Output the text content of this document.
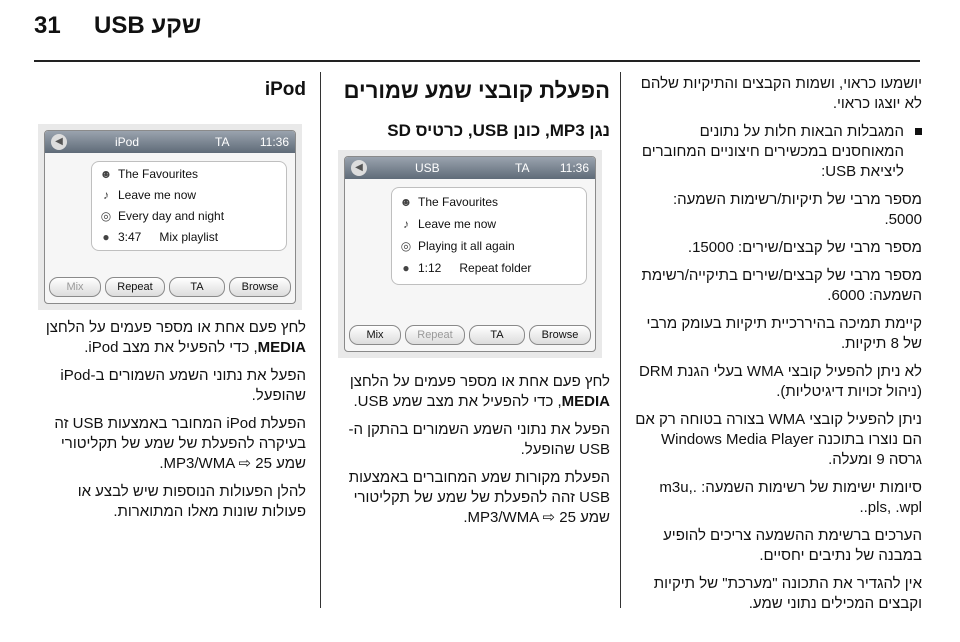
31 USB שקע

יושמעו כראוי, ושמות הקבצים והתיקיות שלהם לא יוצגו כראוי.

המגבלות הבאות חלות על נתונים המאוחסנים במכשירים חיצוניים המחוברים ליציאת USB:

מספר מרבי של תיקיות/רשימות השמעה: 5000.

מספר מרבי של קבצים/שירים: 15000.

מספר מרבי של קבצים/שירים בתיקייה/רשימת השמעה: 6000.

קיימת תמיכה בהיררכיית תיקיות בעומק מרבי של 8 תיקיות.

לא ניתן להפעיל קובצי WMA בעלי הגנת DRM (ניהול זכויות דיגיטליות).

ניתן להפעיל קובצי WMA בצורה בטוחה רק אם הם נוצרו בתוכנה Windows Media Player גרסה 9 ומעלה.

סיומות ישימות של רשימות השמעה: .m3u, .pls, .wpl.

הערכים ברשימת ההשמעה צריכים להופיע במבנה של נתיבים יחסיים.

אין להגדיר את התכונה "מערכת" של תיקיות וקבצים המכילים נתוני שמע.

הפעלת קובצי שמע שמורים
נגן MP3, כונן USB, כרטיס SD
◀	USB	TA	11:36
☻ The Favourites
♪ Leave me now
◎ Playing it all again
● 1:12 Repeat folder
Mix	Repeat	TA	Browse

לחץ פעם אחת או מספר פעמים על הלחצן MEDIA, כדי להפעיל את מצב שמע USB.

הפעל את נתוני השמע השמורים בהתקן ה-USB שהופעל.

הפעלת מקורות שמע המחוברים באמצעות USB זהה להפעלת של שמע של תקליטורי שמע MP3/WMA ⇨ 25.

iPod
◀	iPod	TA	11:36
☻ The Favourites
♪ Leave me now
◎ Every day and night
● 3:47 Mix playlist
Mix	Repeat	TA	Browse

לחץ פעם אחת או מספר פעמים על הלחצן MEDIA, כדי להפעיל את מצב iPod.

הפעל את נתוני השמע השמורים ב-iPod שהופעל.

הפעלת iPod המחובר באמצעות USB זה בעיקרה להפעלת של שמע של תקליטורי שמע MP3/WMA ⇨ 25.

להלן הפעולות הנוספות שיש לבצע או פעולות שונות מאלו המתוארות.
